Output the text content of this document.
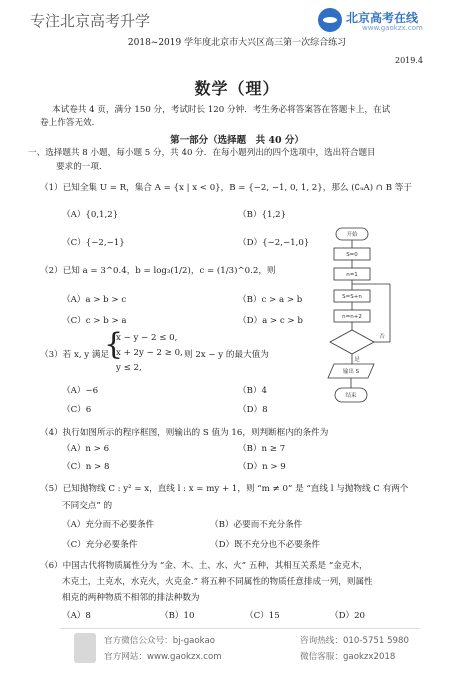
专注北京高考升学	北京高考在线
www.gaokzx.com
2018~2019 学年度北京市大兴区高三第一次综合练习
2019.4
数学（理）
本试卷共 4 页，满分 150 分，考试时长 120 分钟．考生务必将答案答在答题卡上，在试
卷上作答无效．
第一部分（选择题　共 40 分）
一、选择题共 8 小题，每小题 5 分，共 40 分．在每小题列出的四个选项中，选出符合题目
要求的一项．
（1）已知全集 U = R，集合 A = {x | x < 0}，B = {−2, −1, 0, 1, 2}，那么 (∁ᵤA) ∩ B 等于
（A）{0,1,2}	（B）{1,2}
（C）{−2,−1}	（D）{−2,−1,0}
（2）已知 a = 3^0.4，b = log₃(1/2)，c = (1/3)^0.2，则
（A）a > b > c	（B）c > a > b
（C）c > b > a	（D）a > c > b
（3）若 x, y 满足
{
x − y − 2 ≤ 0,
x + 2y − 2 ≥ 0,
y ≤ 2,
则 2x − y 的最大值为
（A）−6	（B）4
（C）6	（D）8
（4）执行如图所示的程序框图，则输出的 S 值为 16，则判断框内的条件为
（A）n > 6	（B）n ≥ 7
（C）n > 8	（D）n > 9
（5）已知抛物线 C : y² = x，直线 l : x = my + 1，则 “m ≠ 0” 是 “直线 l 与抛物线 C 有两个
不同交点” 的
（A）充分而不必要条件	（B）必要而不充分条件
（C）充分必要条件	（D）既不充分也不必要条件
（6）中国古代将物质属性分为 “金、木、土、水、火” 五种，其相互关系是 “金克木，
木克土，土克水，水克火，火克金.” 将五种不同属性的物质任意排成一列，则属性
相克的两种物质不相邻的排法种数为
（A）8	（B）10	（C）15	（D）20
开始
S=0
n=1
S=S+n
n=n+2
否
是
输出 S
结束
官方微信公众号：bj-gaokao
官方网站：www.gaokzx.com
咨询热线：010-5751 5980
微信客服：gaokzx2018
